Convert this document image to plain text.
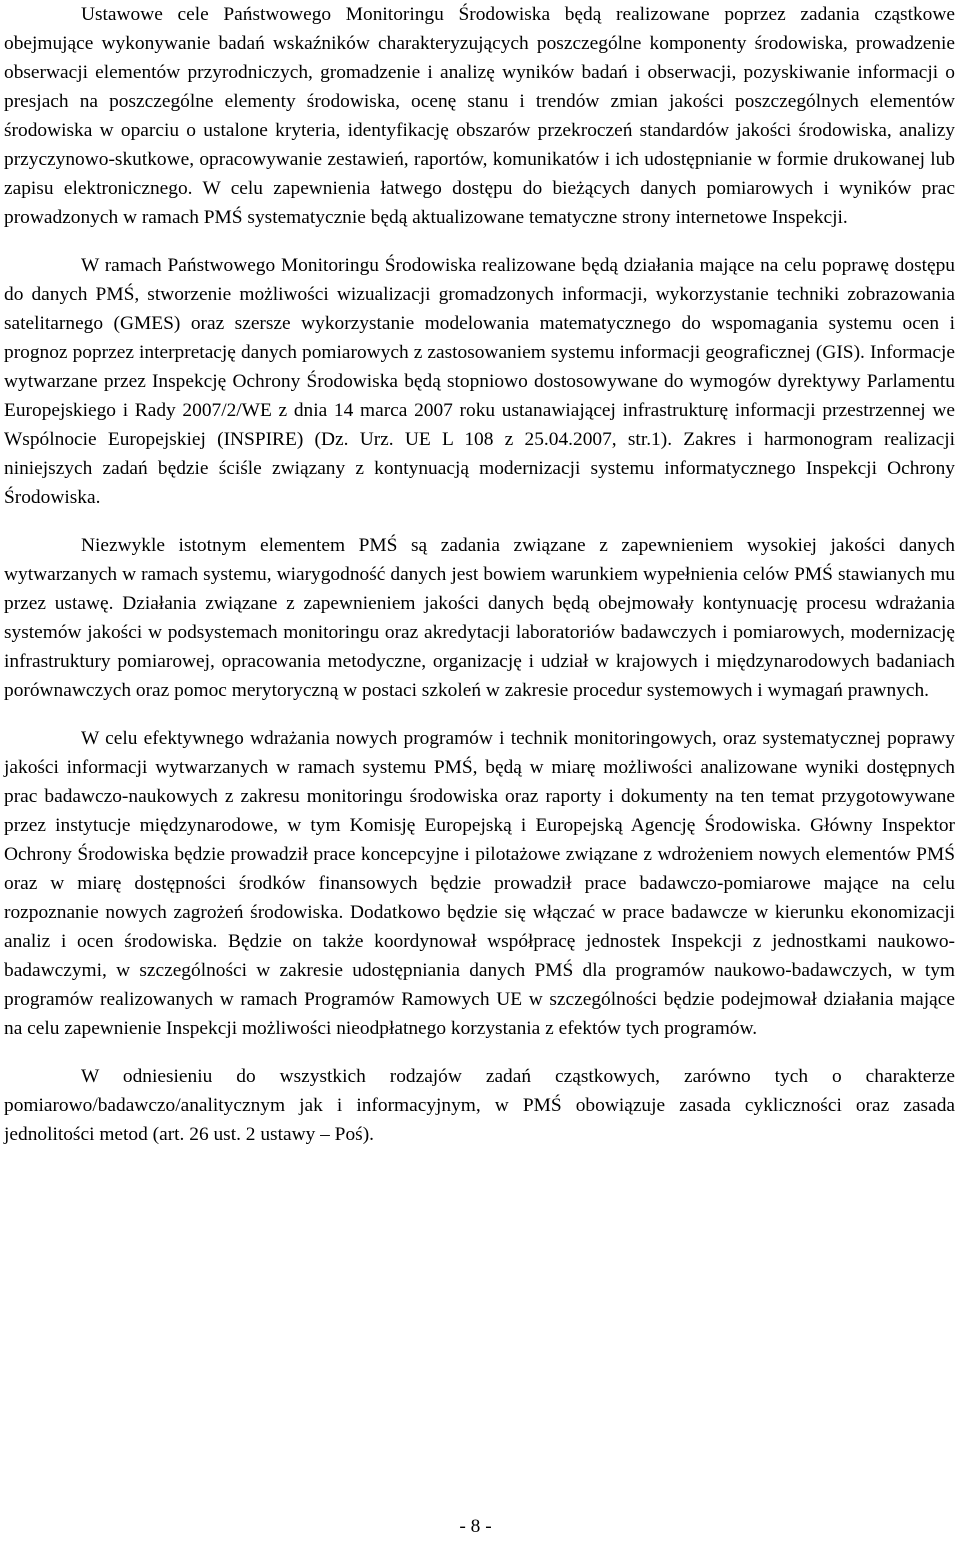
Ustawowe cele Państwowego Monitoringu Środowiska będą realizowane poprzez zadania cząstkowe obejmujące wykonywanie badań wskaźników charakteryzujących poszczególne komponenty środowiska, prowadzenie obserwacji elementów przyrodniczych, gromadzenie i analizę wyników badań i obserwacji, pozyskiwanie informacji o presjach na poszczególne elementy środowiska, ocenę stanu i trendów zmian jakości poszczególnych elementów środowiska w oparciu o ustalone kryteria, identyfikację obszarów przekroczeń standardów jakości środowiska, analizy przyczynowo-skutkowe, opracowywanie zestawień, raportów, komunikatów i ich udostępnianie w formie drukowanej lub zapisu elektronicznego. W celu zapewnienia łatwego dostępu do bieżących danych pomiarowych i wyników prac prowadzonych w ramach PMŚ systematycznie będą aktualizowane tematyczne strony internetowe Inspekcji.

W ramach Państwowego Monitoringu Środowiska realizowane będą działania mające na celu poprawę dostępu do danych PMŚ, stworzenie możliwości wizualizacji gromadzonych informacji, wykorzystanie techniki zobrazowania satelitarnego (GMES) oraz szersze wykorzystanie modelowania matematycznego do wspomagania systemu ocen i prognoz poprzez interpretację danych pomiarowych z zastosowaniem systemu informacji geograficznej (GIS). Informacje wytwarzane przez Inspekcję Ochrony Środowiska będą stopniowo dostosowywane do wymogów dyrektywy Parlamentu Europejskiego i Rady 2007/2/WE z dnia 14 marca 2007 roku ustanawiającej infrastrukturę informacji przestrzennej we Wspólnocie Europejskiej (INSPIRE) (Dz. Urz. UE L 108 z 25.04.2007, str.1). Zakres i harmonogram realizacji niniejszych zadań będzie ściśle związany z kontynuacją modernizacji systemu informatycznego Inspekcji Ochrony Środowiska.

Niezwykle istotnym elementem PMŚ są zadania związane z zapewnieniem wysokiej jakości danych wytwarzanych w ramach systemu, wiarygodność danych jest bowiem warunkiem wypełnienia celów PMŚ stawianych mu przez ustawę. Działania związane z zapewnieniem jakości danych będą obejmowały kontynuację procesu wdrażania systemów jakości w podsystemach monitoringu oraz akredytacji laboratoriów badawczych i pomiarowych, modernizację infrastruktury pomiarowej, opracowania metodyczne, organizację i udział w krajowych i międzynarodowych badaniach porównawczych oraz pomoc merytoryczną w postaci szkoleń w zakresie procedur systemowych i wymagań prawnych.

W celu efektywnego wdrażania nowych programów i technik monitoringowych, oraz systematycznej poprawy jakości informacji wytwarzanych w ramach systemu PMŚ, będą w miarę możliwości analizowane wyniki dostępnych prac badawczo-naukowych z zakresu monitoringu środowiska oraz raporty i dokumenty na ten temat przygotowywane przez instytucje międzynarodowe, w tym Komisję Europejską i Europejską Agencję Środowiska. Główny Inspektor Ochrony Środowiska będzie prowadził prace koncepcyjne i pilotażowe związane z wdrożeniem nowych elementów PMŚ oraz w miarę dostępności środków finansowych będzie prowadził prace badawczo-pomiarowe mające na celu rozpoznanie nowych zagrożeń środowiska. Dodatkowo będzie się włączać w prace badawcze w kierunku ekonomizacji analiz i ocen środowiska. Będzie on także koordynował współpracę jednostek Inspekcji z jednostkami naukowo-badawczymi, w szczególności w zakresie udostępniania danych PMŚ dla programów naukowo-badawczych, w tym programów realizowanych w ramach Programów Ramowych UE w szczególności będzie podejmował działania mające na celu zapewnienie Inspekcji możliwości nieodpłatnego korzystania z efektów tych programów.

W odniesieniu do wszystkich rodzajów zadań cząstkowych, zarówno tych o charakterze pomiarowo/badawczo/analitycznym jak i informacyjnym, w PMŚ obowiązuje zasada cykliczności oraz zasada jednolitości metod (art. 26 ust. 2 ustawy – Poś).

- 8 -
